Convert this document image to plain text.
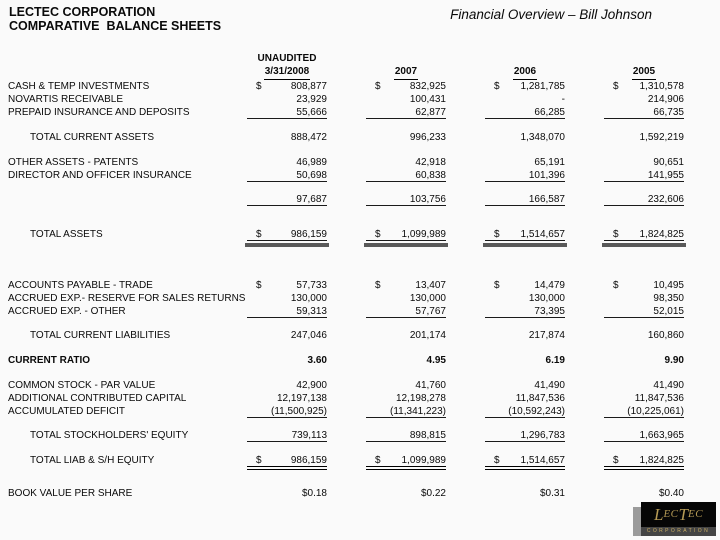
LECTEC CORPORATION
COMPARATIVE  BALANCE SHEETS
Financial Overview – Bill Johnson
UNAUDITED
3/31/2008	2007	2006	2005
CASH & TEMP INVESTMENTS	$	808,877	$	832,925	$ 1,281,785	$ 1,310,578
NOVARTIS RECEIVABLE	23,929	100,431	-	214,906
PREPAID INSURANCE AND DEPOSITS	55,666	62,877	66,285	66,735
TOTAL CURRENT ASSETS	888,472	996,233	1,348,070	1,592,219
OTHER ASSETS - PATENTS	46,989	42,918	65,191	90,651
DIRECTOR AND OFFICER INSURANCE	50,698	60,838	101,396	141,955
97,687	103,756	166,587	232,606
TOTAL ASSETS	$	986,159	$ 1,099,989	$ 1,514,657	$ 1,824,825
ACCOUNTS PAYABLE - TRADE	$	57,733	$	13,407	$	14,479	$	10,495
ACCRUED EXP.- RESERVE FOR SALES RETURNS	130,000	130,000	130,000	98,350
ACCRUED EXP. - OTHER	59,313	57,767	73,395	52,015
TOTAL CURRENT LIABILITIES	247,046	201,174	217,874	160,860
CURRENT RATIO	3.60	4.95	6.19	9.90
COMMON STOCK - PAR VALUE	42,900	41,760	41,490	41,490
ADDITIONAL CONTRIBUTED CAPITAL	12,197,138	12,198,278	11,847,536	11,847,536
ACCUMULATED DEFICIT	(11,500,925)	(11,341,223)	(10,592,243)	(10,225,061)
TOTAL STOCKHOLDERS' EQUITY	739,113	898,815	1,296,783	1,663,965
TOTAL LIAB & S/H EQUITY	$	986,159	$ 1,099,989	$ 1,514,657	$ 1,824,825
BOOK VALUE PER SHARE	$0.18	$0.22	$0.31	$0.40
L EC T EC
CORPORATION
